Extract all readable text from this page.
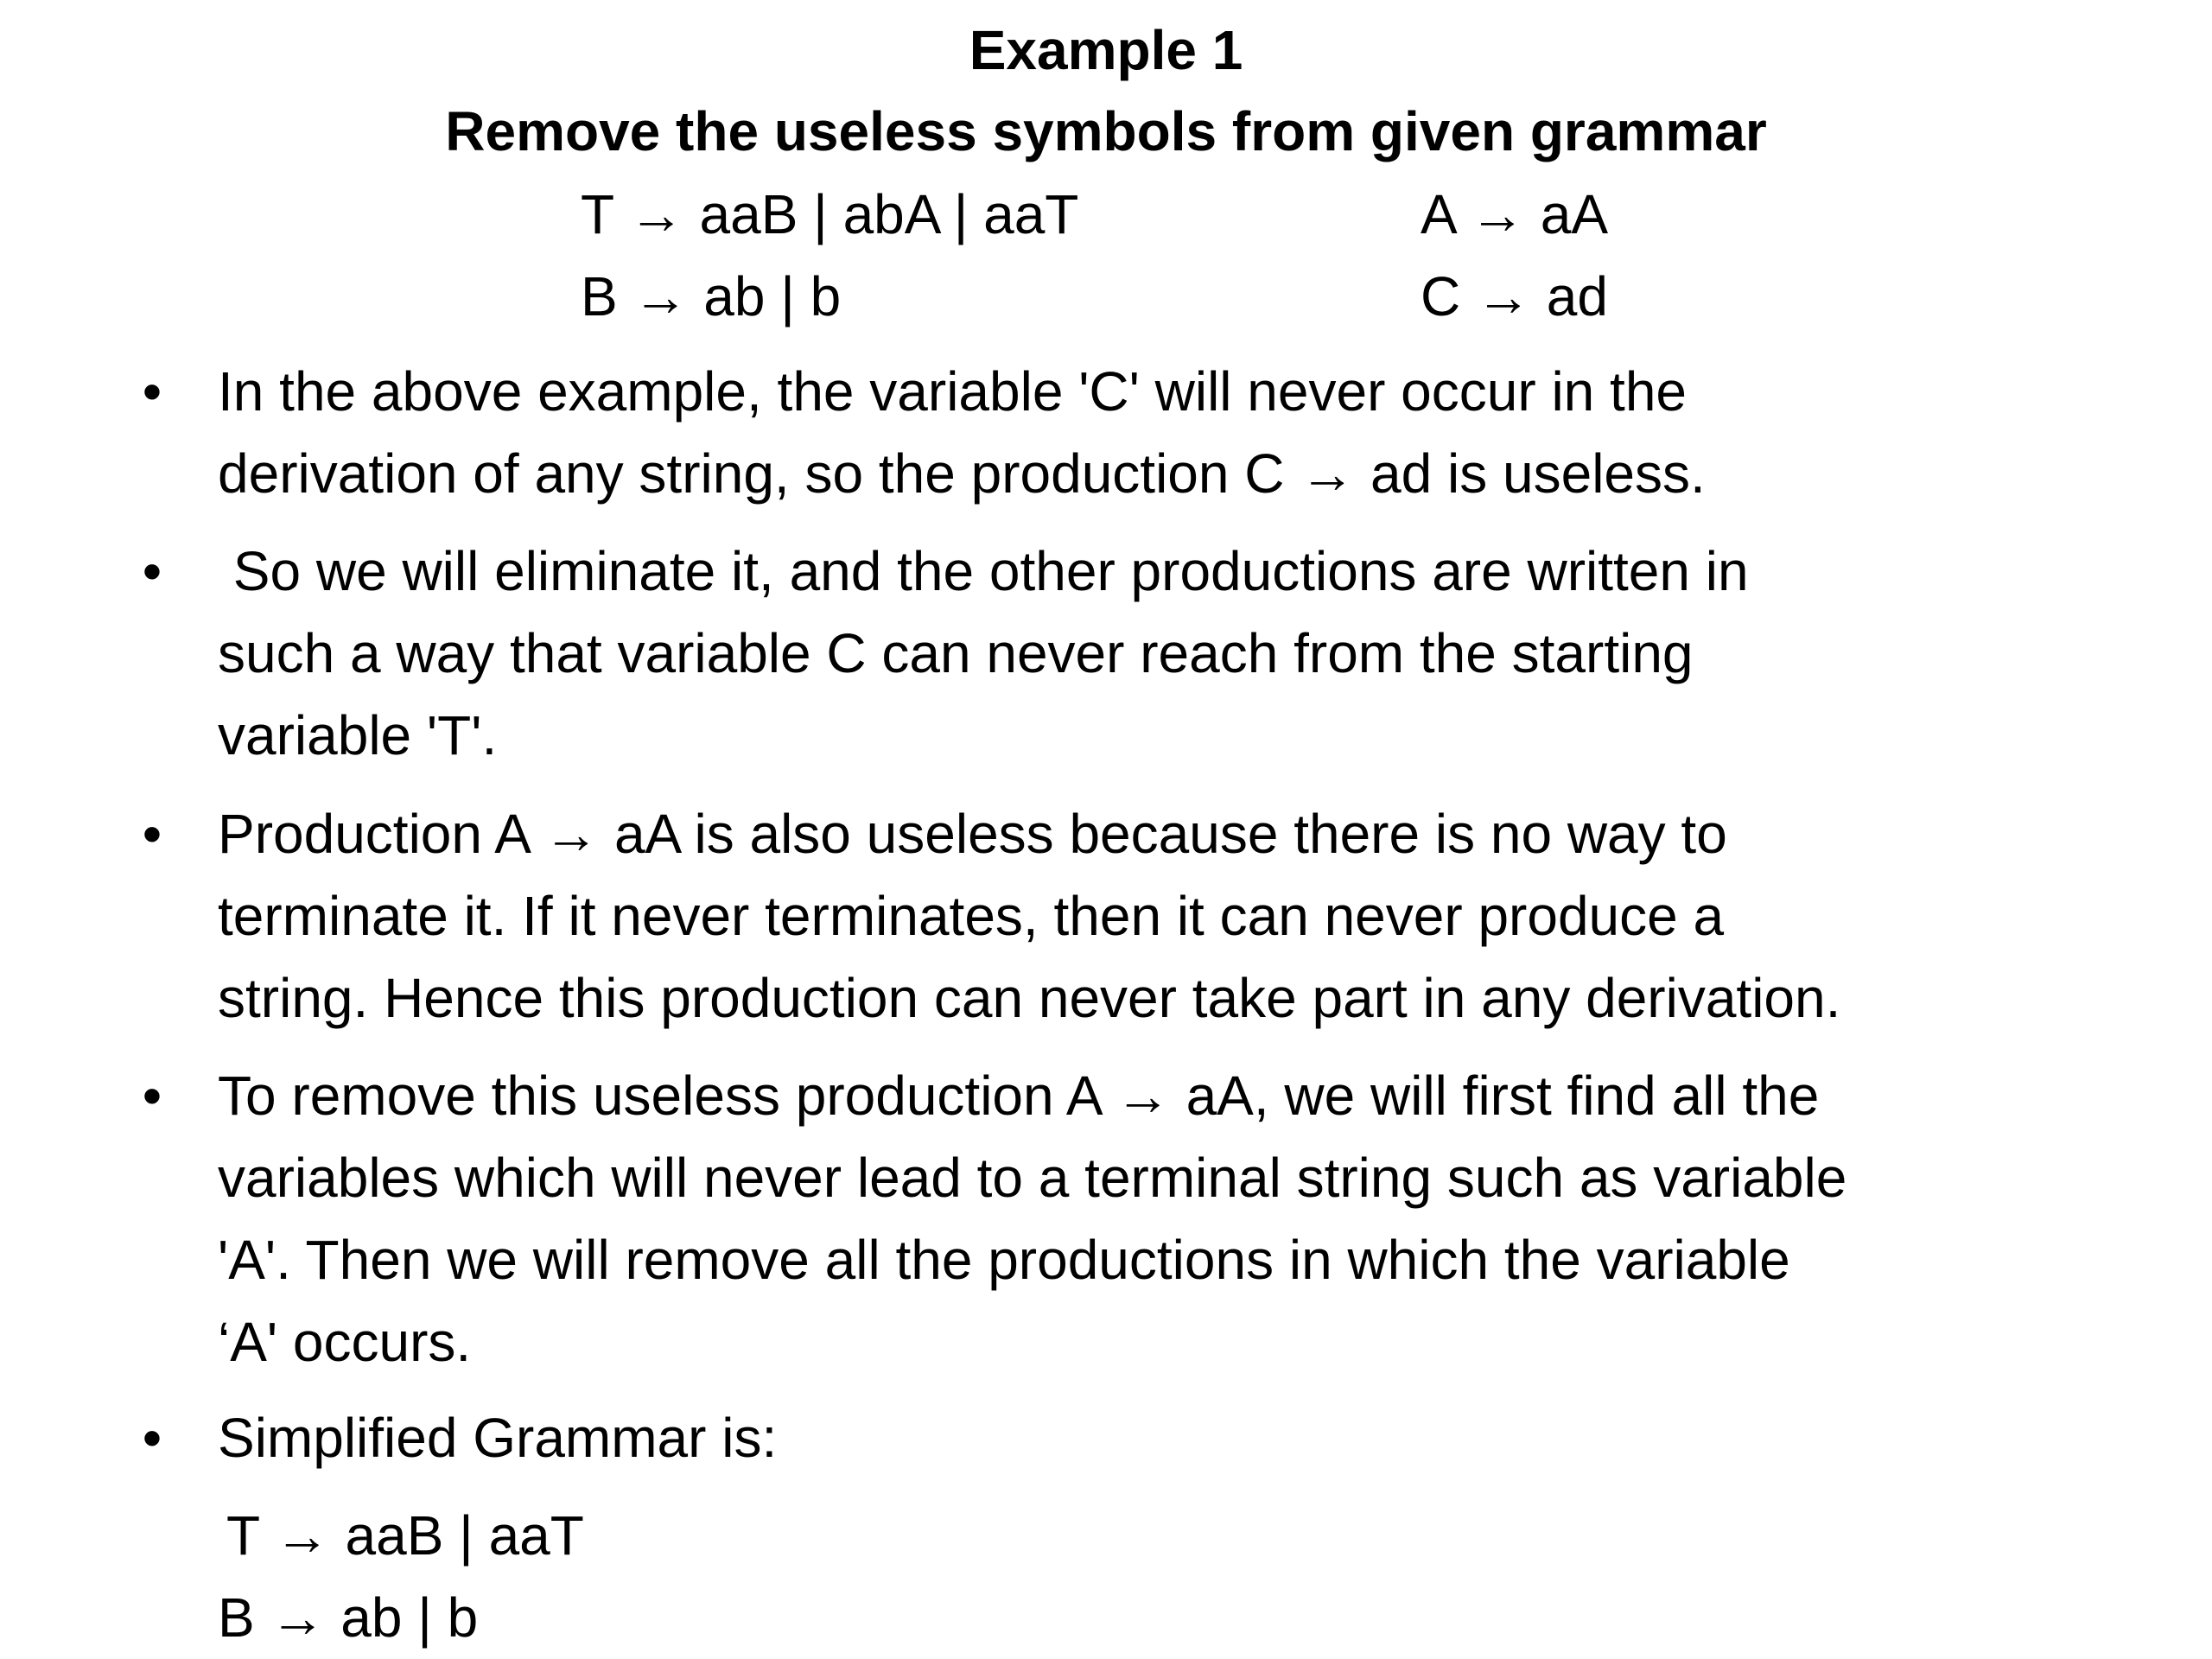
Example 1
Remove the useless symbols from given grammar
T → aaB | abA | aaT	A → aA
B → ab | b	C → ad
• In the above example, the variable 'C' will never occur in the
derivation of any string, so the production C → ad is useless.
• So we will eliminate it, and the other productions are written in
such a way that variable C can never reach from the starting
variable 'T'.
• Production A → aA is also useless because there is no way to
terminate it. If it never terminates, then it can never produce a
string. Hence this production can never take part in any derivation.
• To remove this useless production A → aA, we will first find all the
variables which will never lead to a terminal string such as variable
'A'. Then we will remove all the productions in which the variable
‘A' occurs.
• Simplified Grammar is:
T → aaB | aaT
B → ab | b
